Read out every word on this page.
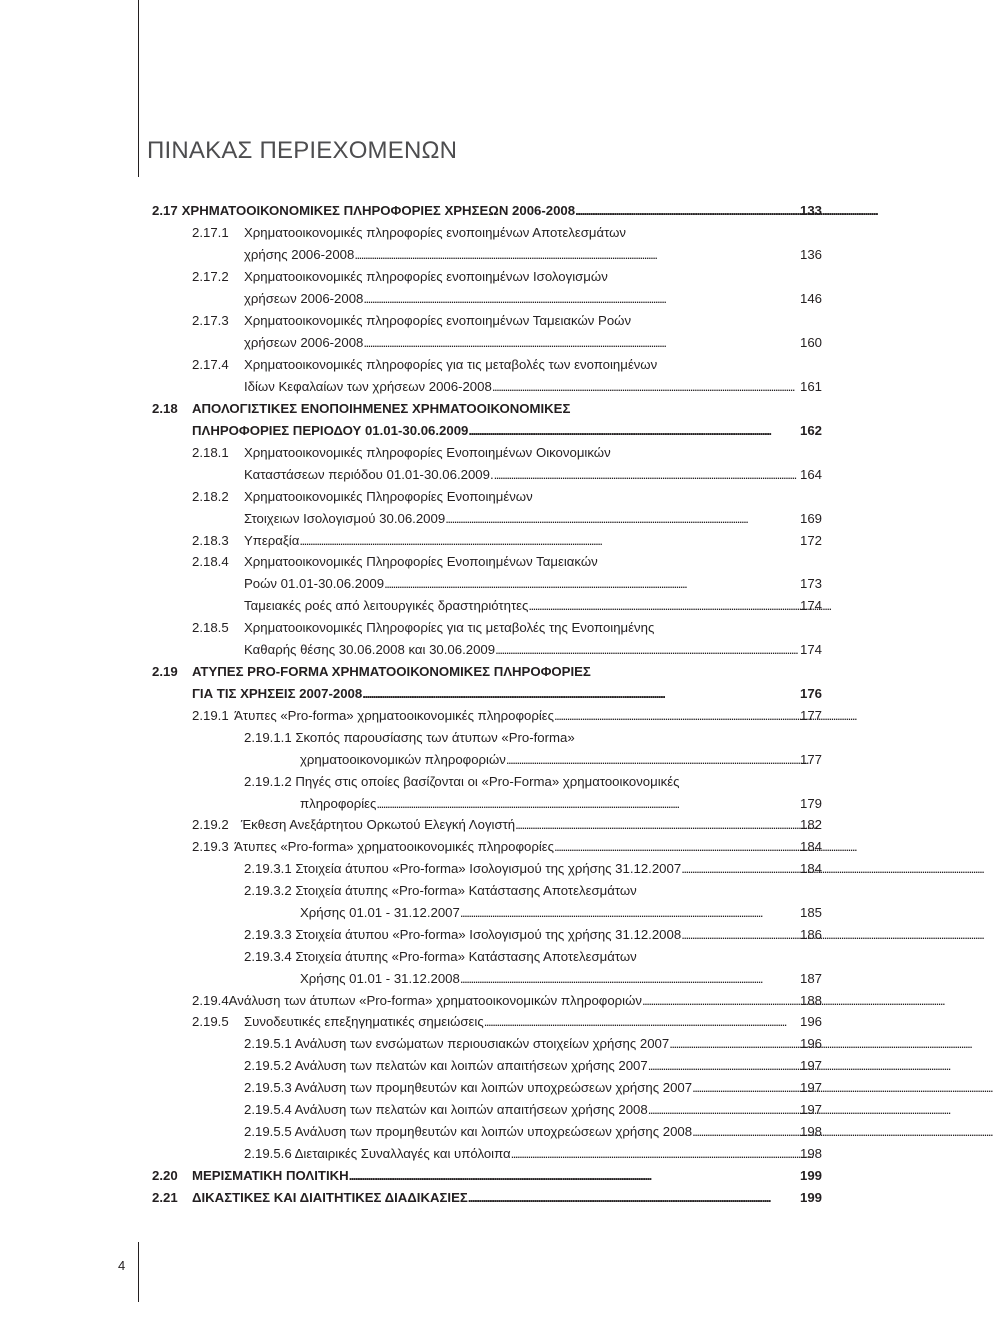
ΠΙΝΑΚΑΣ ΠΕΡΙΕΧΟΜΕΝΩΝ
2.17 ΧΡΗΜΑΤΟΟΙΚΟΝΟΜΙΚΕΣ ΠΛΗΡΟΦΟΡΙΕΣ ΧΡΗΣΕΩΝ 2006-2008 . . .	133
2.17.1	Χρηματοοικονομικές πληροφορίες ενοποιημένων Αποτελεσμάτων
χρήσης 2006-2008 . . .	136
2.17.2	Χρηματοοικονομικές πληροφορίες ενοποιημένων Ισολογισμών
χρήσεων 2006-2008 . . .	146
2.17.3	Χρηματοοικονομικές πληροφορίες ενοποιημένων Ταμειακών Ροών
χρήσεων 2006-2008 . . .	160
2.17.4	Χρηματοοικονομικές πληροφορίες για τις μεταβολές των ενοποιημένων
Ιδίων Κεφαλαίων των χρήσεων 2006-2008 . . .	161
2.18	ΑΠΟΛΟΓΙΣΤΙΚΕΣ ΕΝΟΠΟΙΗΜΕΝΕΣ ΧΡΗΜΑΤΟΟΙΚΟΝΟΜΙΚΕΣ
ΠΛΗΡΟΦΟΡΙΕΣ ΠΕΡΙΟΔΟΥ 01.01-30.06.2009 . . .	162
2.18.1	Χρηματοοικονομικές πληροφορίες Ενοποιημένων Οικονομικών
Καταστάσεων περιόδου 01.01-30.06.2009. . . .	164
2.18.2	Χρηματοοικονομικές Πληροφορίες Ενοποιημένων
Στοιχειων Ισολογισμού 30.06.2009 . . .	169
2.18.3	Υπεραξία . . .	172
2.18.4	Χρηματοοικονομικές Πληροφορίες Ενοποιημένων Ταμειακών
Ροών 01.01-30.06.2009 . . .	173
Ταμειακές ροές από λειτουργικές δραστηριότητες . . .	174
2.18.5	Χρηματοοικονομικές Πληροφορίες για τις μεταβολές της Ενοποιημένης
Καθαρής θέσης 30.06.2008 και 30.06.2009 . . .	174
2.19	ΑΤΥΠΕΣ PRO-FORMA ΧΡΗΜΑΤΟΟΙΚΟΝΟΜΙΚΕΣ ΠΛΗΡΟΦΟΡΙΕΣ
ΓΙΑ ΤΙΣ ΧΡΗΣΕΙΣ 2007-2008 . . .	176
2.19.1 Άτυπες «Pro-forma» χρηματοοικονομικές πληροφορίες . . .	177
2.19.1.1 Σκοπός παρουσίασης των άτυπων «Pro-forma»
χρηματοοικονομικών πληροφοριών . . .	177
2.19.1.2 Πηγές στις οποίες βασίζονται οι «Pro-Forma» χρηματοοικονομικές
πληροφορίες . . .	179
2.19.2 Έκθεση Ανεξάρτητου Ορκωτού Ελεγκή Λογιστή . . .	182
2.19.3 Άτυπες «Pro-forma» χρηματοοικονομικές πληροφορίες . . .	184
2.19.3.1 Στοιχεία άτυπου «Pro-forma» Ισολογισμού της χρήσης 31.12.2007 . . .	184
2.19.3.2 Στοιχεία άτυπης «Pro-forma» Κατάστασης Αποτελεσμάτων
Χρήσης 01.01 - 31.12.2007 . . .	185
2.19.3.3 Στοιχεία άτυπου «Pro-forma» Ισολογισμού της χρήσης 31.12.2008 . . .	186
2.19.3.4 Στοιχεία άτυπης «Pro-forma» Κατάστασης Αποτελεσμάτων
Χρήσης 01.01 - 31.12.2008 . . .	187
2.19.4 Ανάλυση των άτυπων «Pro-forma» χρηματοοικονομικών πληροφοριών . . .	188
2.19.5	Συνοδευτικές επεξηγηματικές σημειώσεις . . .	196
2.19.5.1 Ανάλυση των ενσώματων περιουσιακών στοιχείων χρήσης 2007 . . .	196
2.19.5.2 Ανάλυση των πελατών και λοιπών απαιτήσεων χρήσης 2007 . . .	197
2.19.5.3 Ανάλυση των προμηθευτών και λοιπών υποχρεώσεων χρήσης 2007 . . .	197
2.19.5.4 Ανάλυση των πελατών και λοιπών απαιτήσεων χρήσης 2008 . . .	197
2.19.5.5 Ανάλυση των προμηθευτών και λοιπών υποχρεώσεων χρήσης 2008 . . .	198
2.19.5.6 Διεταιρικές Συναλλαγές και υπόλοιπα . . .	198
2.20	ΜΕΡΙΣΜΑΤΙΚΗ ΠΟΛΙΤΙΚΗ . . .	199
2.21	ΔΙΚΑΣΤΙΚΕΣ ΚΑΙ ΔΙΑΙΤΗΤΙΚΕΣ ΔΙΑΔΙΚΑΣΙΕΣ . . .	199
4
